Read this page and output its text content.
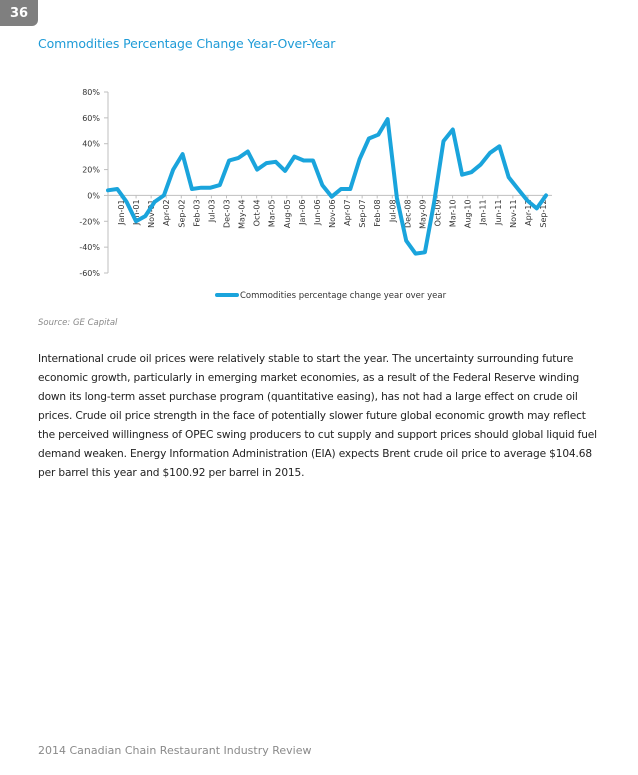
36
Commodities Percentage Change Year-Over-Year
-60%
-40%
-20%
0%
20%
40%
60%
80%
Jan-01 Jun-01 Nov-01 Apr-02 Sep-02 Feb-03 Jul-03 Dec-03 May-04 Oct-04 Mar-05 Aug-05 Jan-06 Jun-06 Nov-06 Apr-07 Sep-07 Feb-08 Jul-08 Dec-08 May-09 Oct-09 Mar-10 Aug-10 Jan-11 Jun-11 Nov-11 Apr-12 Sep-12
Commodities percentage change year over year
Source: GE Capital
International crude oil prices were relatively stable to start the year. The uncertainty surrounding future economic growth, particularly in emerging market economies, as a result of the Federal Reserve winding down its long-term asset purchase program (quantitative easing), has not had a large effect on crude oil prices. Crude oil price strength in the face of potentially slower future global economic growth may reflect the perceived willingness of OPEC swing producers to cut supply and support prices should global liquid fuel demand weaken. Energy Information Administration (EIA) expects Brent crude oil price to average $104.68 per barrel this year and $100.92 per barrel in 2015.
2014 Canadian Chain Restaurant Industry Review
